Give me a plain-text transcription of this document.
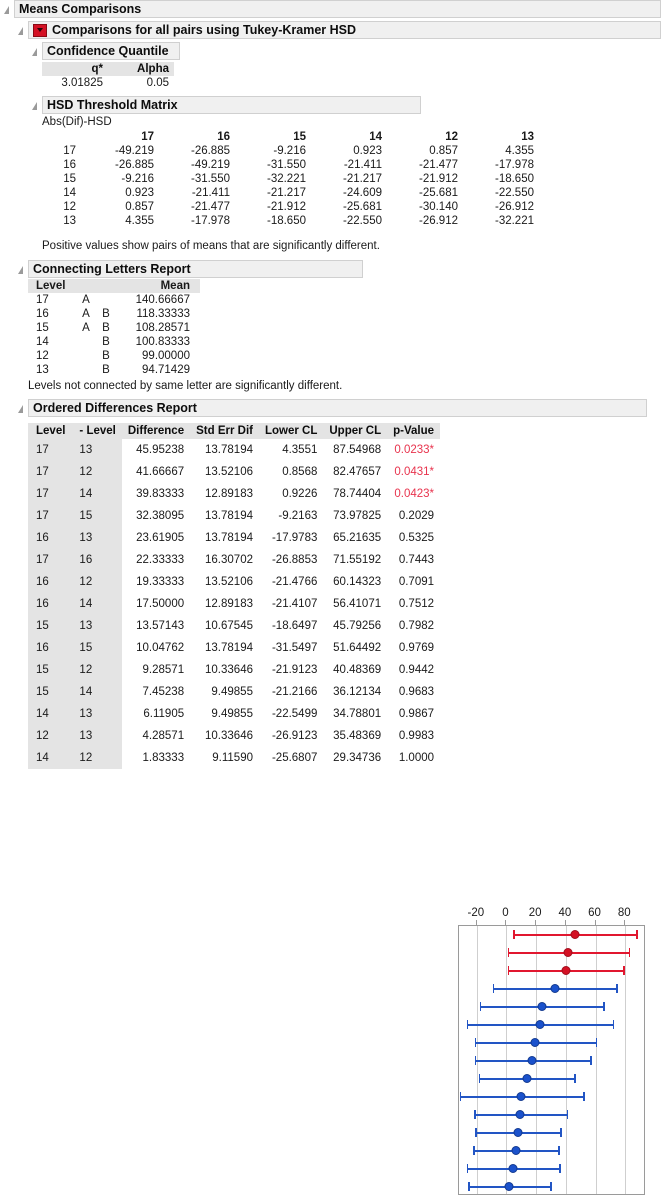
Means Comparisons
Comparisons for all pairs using Tukey-Kramer HSD
Confidence Quantile
q*	Alpha
3.01825	0.05
HSD Threshold Matrix
Abs(Dif)-HSD
	17	16	15	14	12	13
17	-49.219	-26.885	-9.216	0.923	0.857	4.355
16	-26.885	-49.219	-31.550	-21.411	-21.477	-17.978
15	-9.216	-31.550	-32.221	-21.217	-21.912	-18.650
14	0.923	-21.411	-21.217	-24.609	-25.681	-22.550
12	0.857	-21.477	-21.912	-25.681	-30.140	-26.912
13	4.355	-17.978	-18.650	-22.550	-26.912	-32.221
Positive values show pairs of means that are significantly different.
Connecting Letters Report
Level			Mean
17	A		140.66667
16	A	B	118.33333
15	A	B	108.28571
14		B	100.83333
12		B	99.00000
13		B	94.71429
Levels not connected by same letter are significantly different.
Ordered Differences Report
Level	- Level	Difference	Std Err Dif	Lower CL	Upper CL	p-Value
17	13	45.95238	13.78194	4.3551	87.54968	0.0233*
17	12	41.66667	13.52106	0.8568	82.47657	0.0431*
17	14	39.83333	12.89183	0.9226	78.74404	0.0423*
17	15	32.38095	13.78194	-9.2163	73.97825	0.2029
16	13	23.61905	13.78194	-17.9783	65.21635	0.5325
17	16	22.33333	16.30702	-26.8853	71.55192	0.7443
16	12	19.33333	13.52106	-21.4766	60.14323	0.7091
16	14	17.50000	12.89183	-21.4107	56.41071	0.7512
15	13	13.57143	10.67545	-18.6497	45.79256	0.7982
16	15	10.04762	13.78194	-31.5497	51.64492	0.9769
15	12	9.28571	10.33646	-21.9123	40.48369	0.9442
15	14	7.45238	9.49855	-21.2166	36.12134	0.9683
14	13	6.11905	9.49855	-22.5499	34.78801	0.9867
12	13	4.28571	10.33646	-26.9123	35.48369	0.9983
14	12	1.83333	9.11590	-25.6807	29.34736	1.0000
-20 0 20 40 60 80
